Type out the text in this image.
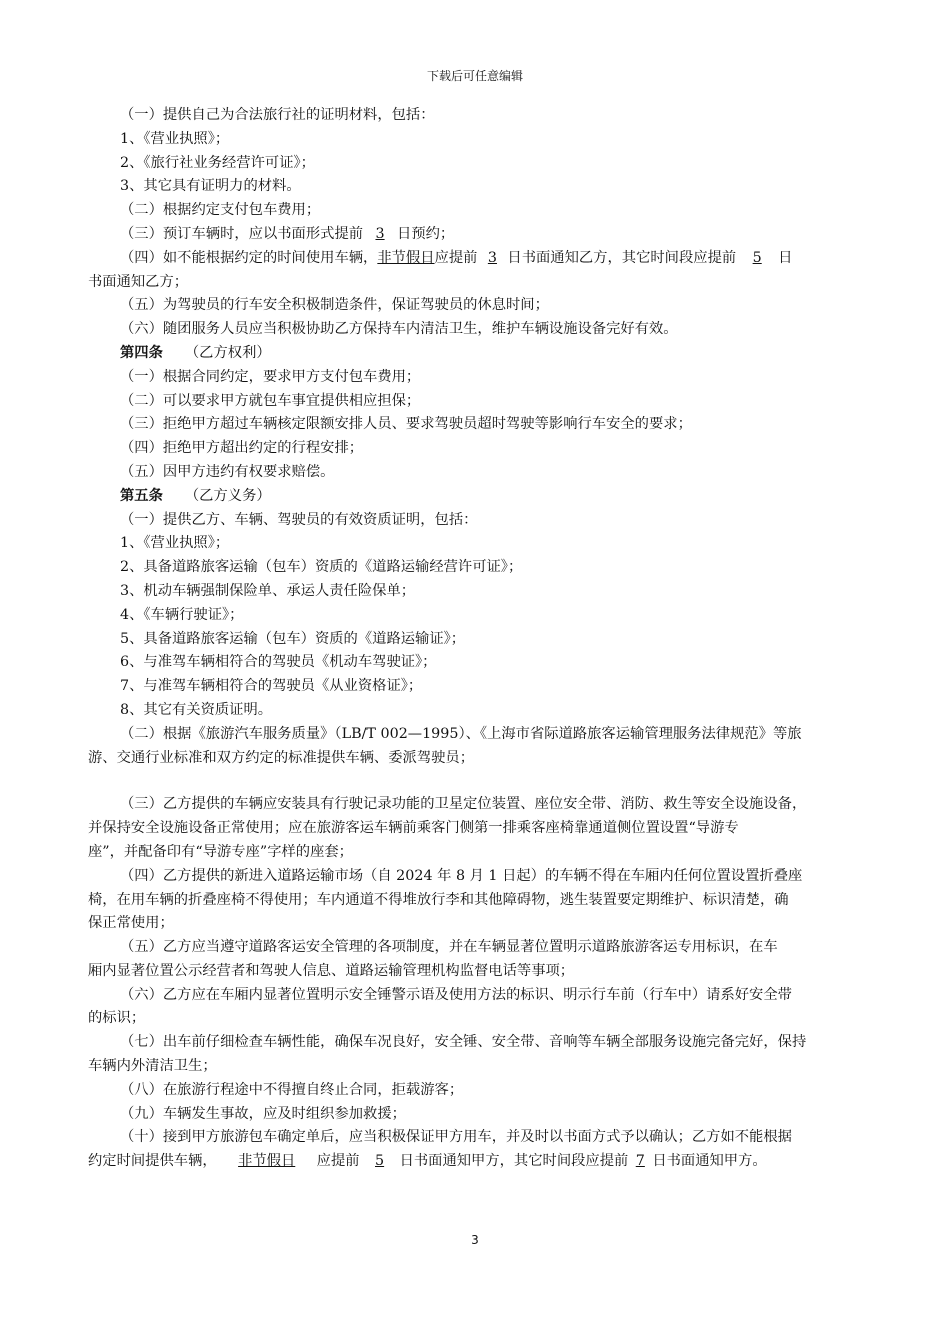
下载后可任意编辑
（一）提供自己为合法旅行社的证明材料，包括：
1、《营业执照》；
2、《旅行社业务经营许可证》；
3、其它具有证明力的材料。
（二）根据约定支付包车费用；
（三）预订车辆时，应以书面形式提前 3 日预约；
（四）如不能根据约定的时间使用车辆，非节假日应提前 3 日书面通知乙方，其它时间段应提前 5 日
书面通知乙方；
（五）为驾驶员的行车安全积极制造条件，保证驾驶员的休息时间；
（六）随团服务人员应当积极协助乙方保持车内清洁卫生，维护车辆设施设备完好有效。
第四条 （乙方权利）
（一）根据合同约定，要求甲方支付包车费用；
（二）可以要求甲方就包车事宜提供相应担保；
（三）拒绝甲方超过车辆核定限额安排人员、要求驾驶员超时驾驶等影响行车安全的要求；
（四）拒绝甲方超出约定的行程安排；
（五）因甲方违约有权要求赔偿。
第五条 （乙方义务）
（一）提供乙方、车辆、驾驶员的有效资质证明，包括：
1、《营业执照》；
2、具备道路旅客运输（包车）资质的《道路运输经营许可证》；
3、机动车辆强制保险单、承运人责任险保单；
4、《车辆行驶证》；
5、具备道路旅客运输（包车）资质的《道路运输证》；
6、与准驾车辆相符合的驾驶员《机动车驾驶证》；
7、与准驾车辆相符合的驾驶员《从业资格证》；
8、其它有关资质证明。
（二）根据《旅游汽车服务质量》（LB/T 002—1995）、《上海市省际道路旅客运输管理服务法律规范》等旅
游、交通行业标准和双方约定的标准提供车辆、委派驾驶员；
（三）乙方提供的车辆应安装具有行驶记录功能的卫星定位装置、座位安全带、消防、救生等安全设施设备，
并保持安全设施设备正常使用；应在旅游客运车辆前乘客门侧第一排乘客座椅靠通道侧位置设置“导游专
座”，并配备印有“导游专座”字样的座套；
（四）乙方提供的新进入道路运输市场（自 2024 年 8 月 1 日起）的车辆不得在车厢内任何位置设置折叠座
椅，在用车辆的折叠座椅不得使用；车内通道不得堆放行李和其他障碍物，逃生装置要定期维护、标识清楚，确
保正常使用；
（五）乙方应当遵守道路客运安全管理的各项制度，并在车辆显著位置明示道路旅游客运专用标识，在车
厢内显著位置公示经营者和驾驶人信息、道路运输管理机构监督电话等事项；
（六）乙方应在车厢内显著位置明示安全锤警示语及使用方法的标识、明示行车前（行车中）请系好安全带
的标识；
（七）出车前仔细检查车辆性能，确保车况良好，安全锤、安全带、音响等车辆全部服务设施完备完好，保持
车辆内外清洁卫生；
（八）在旅游行程途中不得擅自终止合同，拒载游客；
（九）车辆发生事故，应及时组织参加救援；
（十）接到甲方旅游包车确定单后，应当积极保证甲方用车，并及时以书面方式予以确认；乙方如不能根据
约定时间提供车辆， 非节假日 应提前 5 日书面通知甲方，其它时间段应提前 7 日书面通知甲方。
3
